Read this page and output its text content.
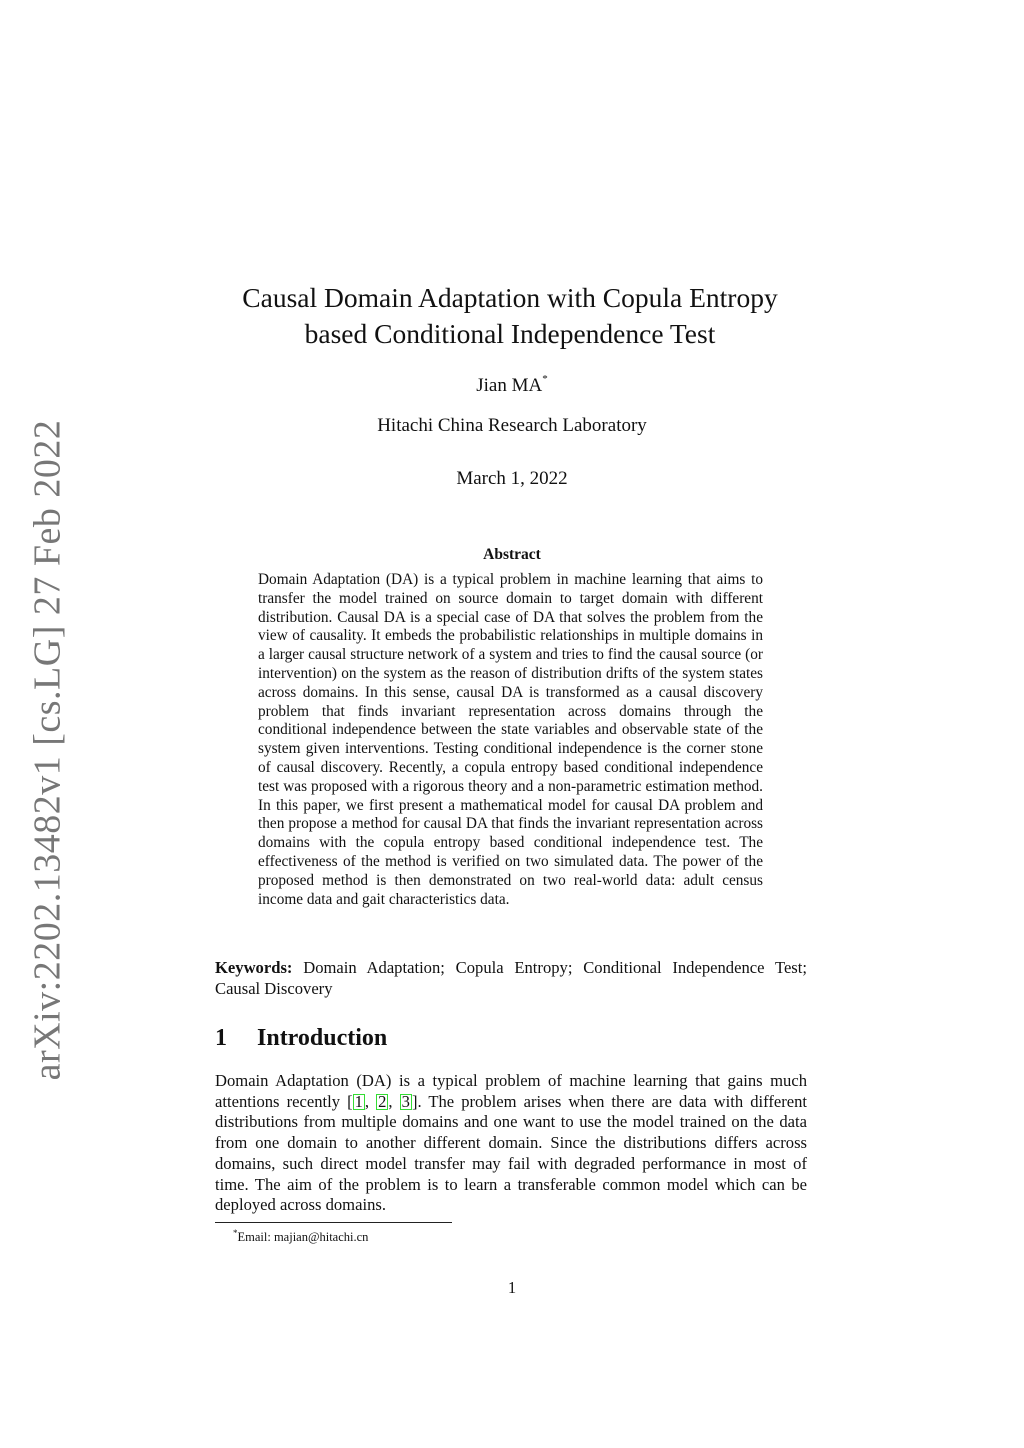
arXiv:2202.13482v1 [cs.LG] 27 Feb 2022
Causal Domain Adaptation with Copula Entropy
based Conditional Independence Test
Jian MA*
Hitachi China Research Laboratory
March 1, 2022
Abstract

Domain Adaptation (DA) is a typical problem in machine learning that aims to transfer the model trained on source domain to target domain with different distribution. Causal DA is a special case of DA that solves the problem from the view of causality. It embeds the probabilistic relationships in multiple domains in a larger causal structure network of a system and tries to find the causal source (or intervention) on the system as the reason of distribution drifts of the system states across domains. In this sense, causal DA is transformed as a causal discovery problem that finds invariant representation across domains through the conditional independence between the state variables and observable state of the system given interventions. Testing conditional independence is the corner stone of causal discovery. Recently, a copula entropy based conditional independence test was proposed with a rigorous theory and a non-parametric estimation method. In this paper, we first present a mathematical model for causal DA problem and then propose a method for causal DA that finds the invariant representation across domains with the copula entropy based conditional independence test. The effectiveness of the method is verified on two simulated data. The power of the proposed method is then demonstrated on two real-world data: adult census income data and gait characteristics data.

Keywords: Domain Adaptation; Copula Entropy; Conditional Independence Test; Causal Discovery

1 Introduction

Domain Adaptation (DA) is a typical problem of machine learning that gains much attentions recently [ 1 , 2 , 3 ]. The problem arises when there are data with different distributions from multiple domains and one want to use the model trained on the data from one domain to another different domain. Since the distributions differs across domains, such direct model transfer may fail with degraded performance in most of time. The aim of the problem is to learn a transferable common model which can be deployed across domains.

*Email: majian@hitachi.cn
1
